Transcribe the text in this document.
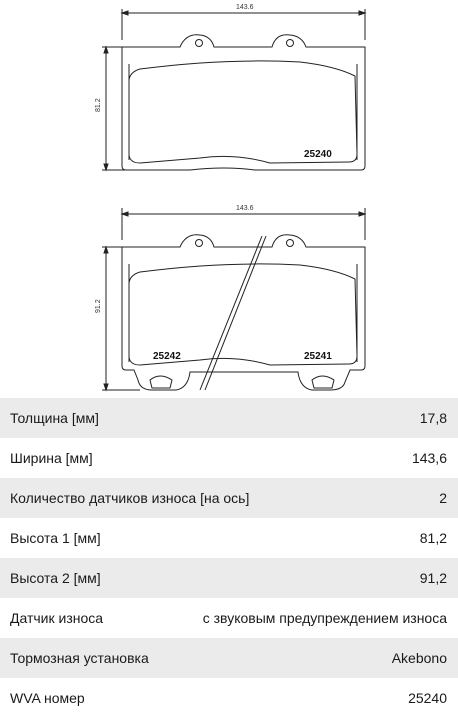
143.6
81.2
25240
143.6
91.2
25242	25241
Толщина [мм]	17,8
Ширина [мм]	143,6
Количество датчиков износа [на ось]	2
Высота 1 [мм]	81,2
Высота 2 [мм]	91,2
Датчик износа	с звуковым предупреждением износа
Тормозная установка	Akebono
WVA номер	25240
